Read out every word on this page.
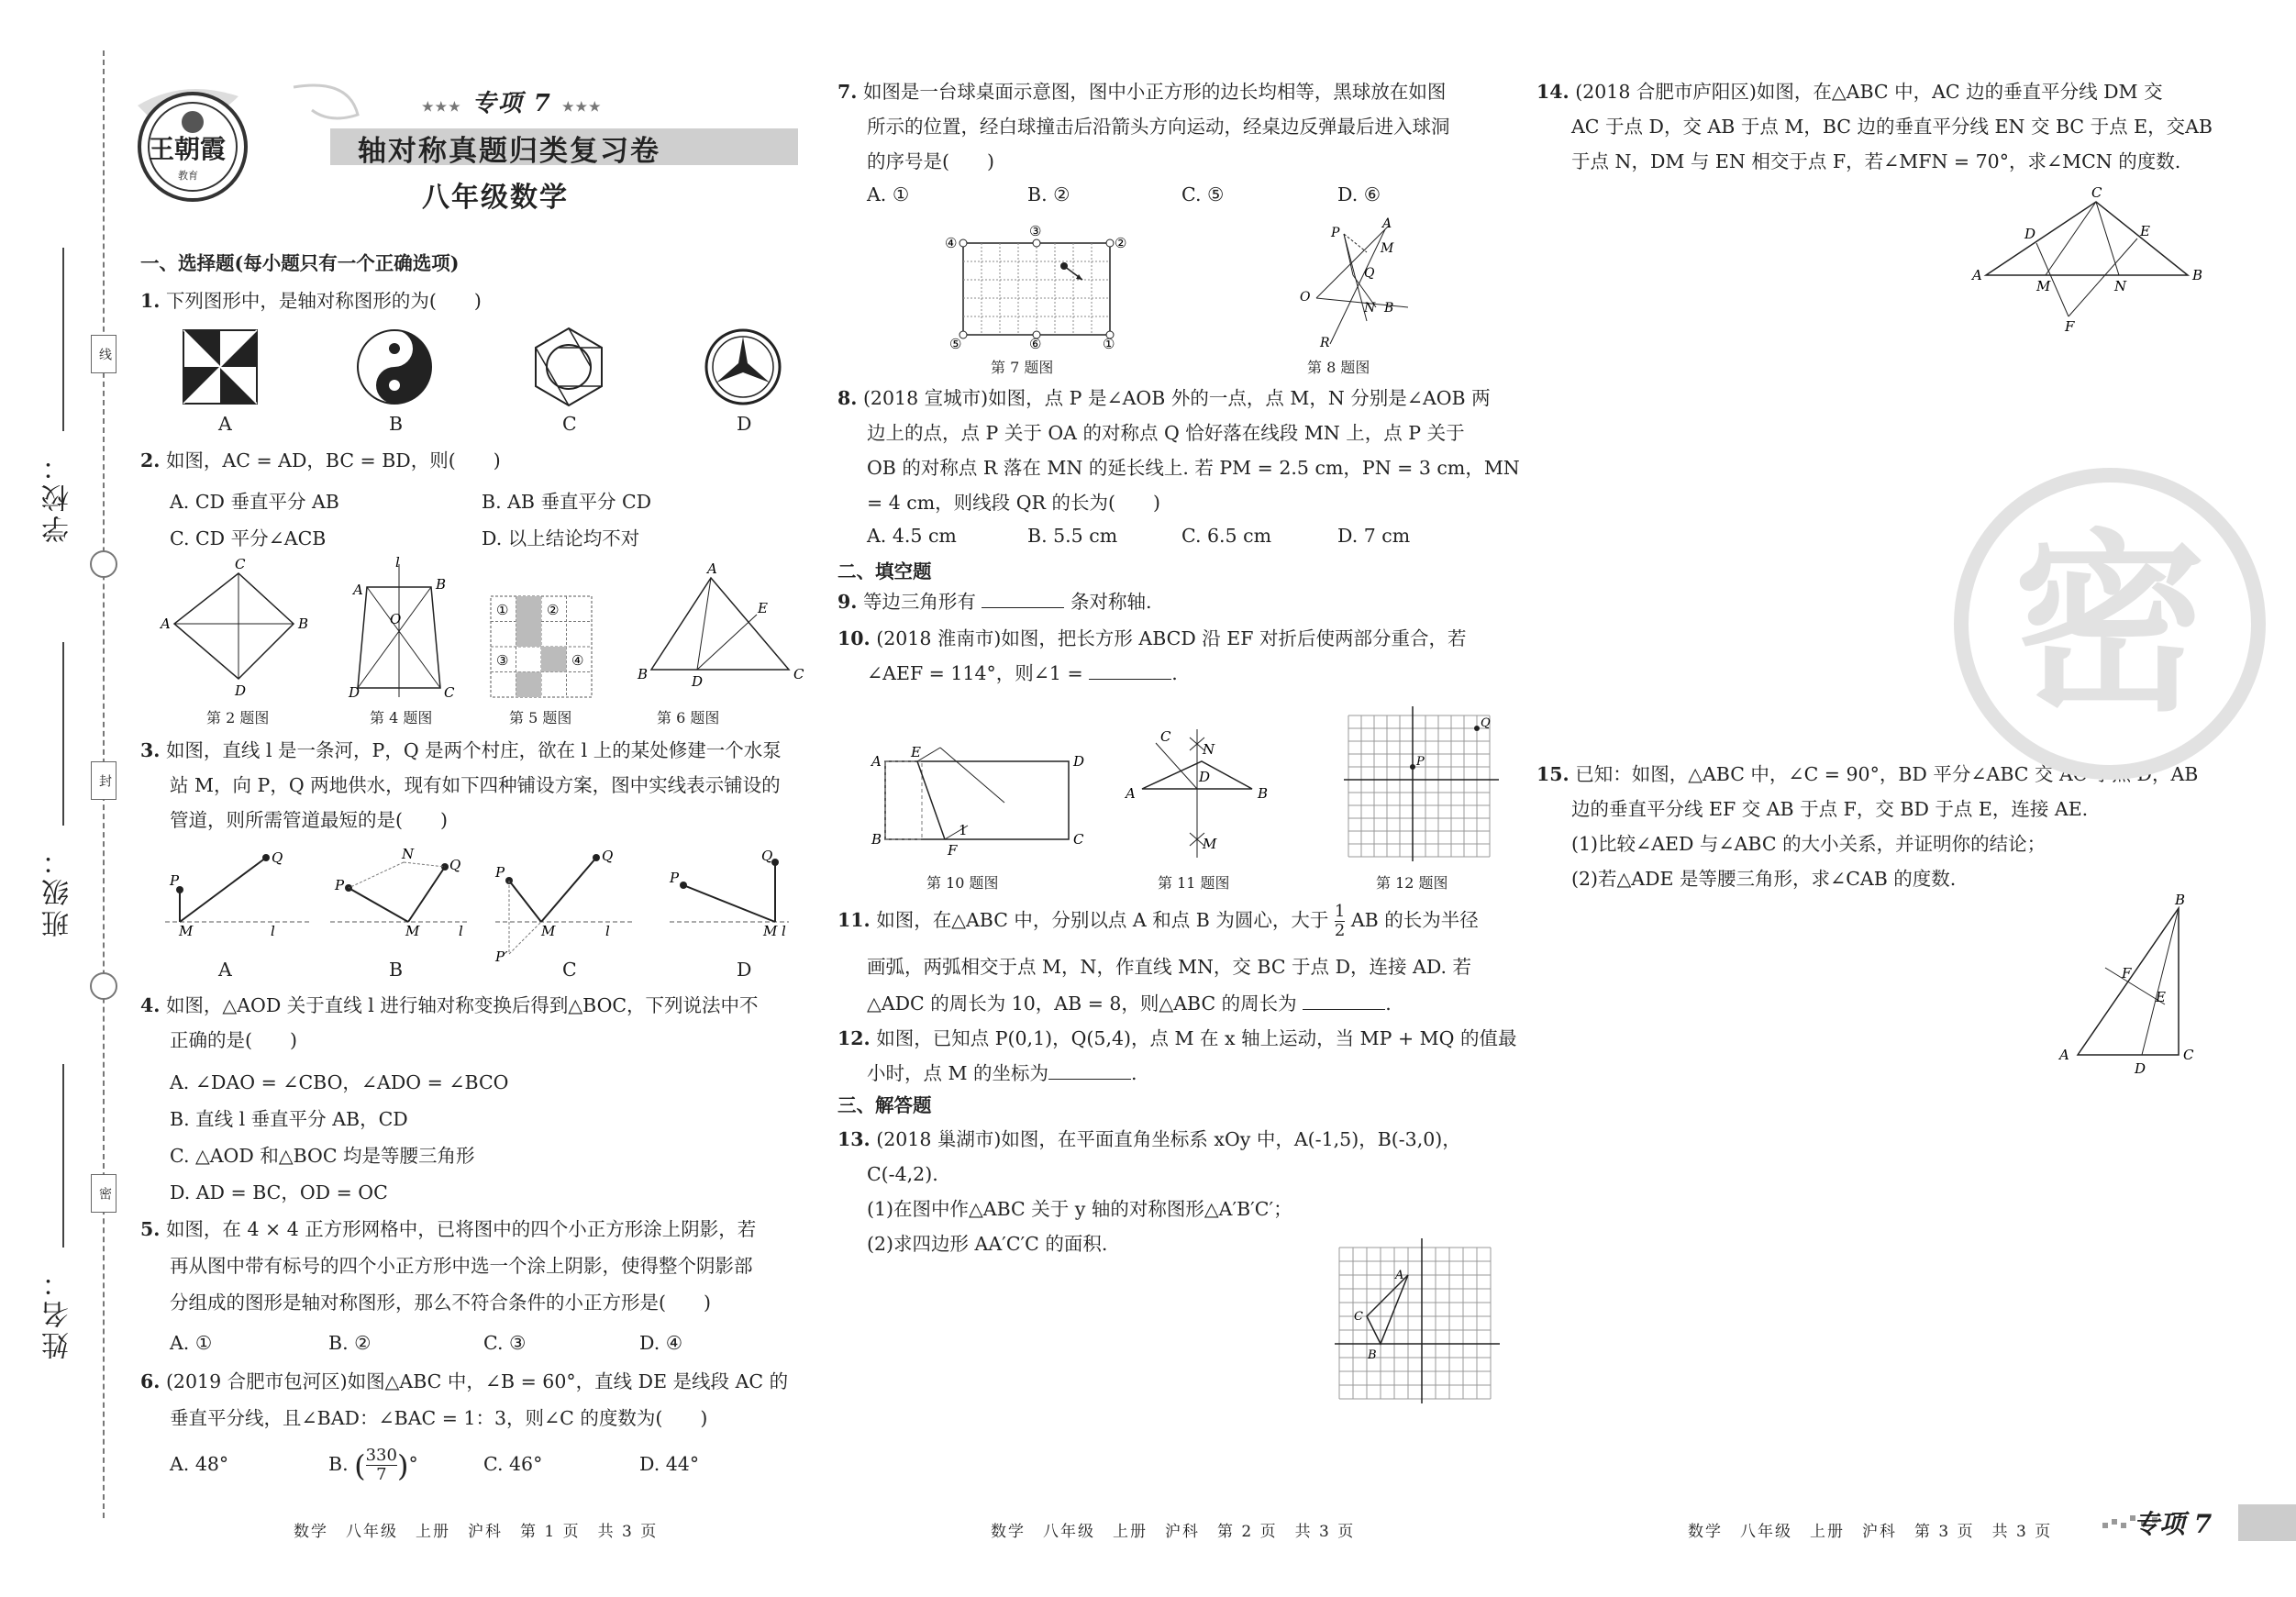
学校：
班级：
姓名：
线
封
密
王朝霞
教育
★★★ 专项 7 ★★★
轴对称真题归类复习卷
八年级数学
一、选择题(每小题只有一个正确选项)
1. 下列图形中，是轴对称图形的为(　　)
A	B	C	D
2. 如图，AC = AD，BC = BD，则(　　)
A. CD 垂直平分 AB	B. AB 垂直平分 CD
C. CD 平分∠ACB	D. 以上结论均不对
C
A	B
D
l
A	B
O
D	C
①	②
③	④
A
B	C
D
E
第 2 题图	第 4 题图	第 5 题图	第 6 题图
3. 如图，直线 l 是一条河，P，Q 是两个村庄，欲在 l 上的某处修建一个水泵
站 M，向 P，Q 两地供水，现有如下四种铺设方案，图中实线表示铺设的
管道，则所需管道最短的是(　　)
P
Q
M	l
P
Q
N
M	l
P
Q
M	l
P′
P
Q
M l
A	B	C	D
4. 如图，△AOD 关于直线 l 进行轴对称变换后得到△BOC，下列说法中不
正确的是(　　)
A. ∠DAO = ∠CBO，∠ADO = ∠BCO
B. 直线 l 垂直平分 AB，CD
C. △AOD 和△BOC 均是等腰三角形
D. AD = BC，OD = OC
5. 如图，在 4 × 4 正方形网格中，已将图中的四个小正方形涂上阴影，若
再从图中带有标号的四个小正方形中选一个涂上阴影，使得整个阴影部
分组成的图形是轴对称图形，那么不符合条件的小正方形是(　　)
A. ①	B. ②	C. ③	D. ④
6. (2019 合肥市包河区)如图△ABC 中，∠B = 60°，直线 DE 是线段 AC 的
垂直平分线，且∠BAD：∠BAC = 1：3，则∠C 的度数为(　　)
A. 48°	B. ( $\frac{330}{7}$ )°	C. 46°	D. 44°
7. 如图是一台球桌面示意图，图中小正方形的边长均相等，黑球放在如图
所示的位置，经白球撞击后沿箭头方向运动，经桌边反弹最后进入球洞
的序号是(　　)
A. ①	B. ②	C. ⑤	D. ⑥
④
③
②
⑤	⑥	①
P
A
M
Q
O
N B
R
第 7 题图	第 8 题图
8. (2018 宣城市)如图，点 P 是∠AOB 外的一点，点 M，N 分别是∠AOB 两
边上的点，点 P 关于 OA 的对称点 Q 恰好落在线段 MN 上，点 P 关于
OB 的对称点 R 落在 MN 的延长线上. 若 PM = 2.5 cm，PN = 3 cm，MN
= 4 cm，则线段 QR 的长为(　　)
A. 4.5 cm	B. 5.5 cm	C. 6.5 cm	D. 7 cm
二、填空题
9. 等边三角形有	条对称轴.
10. (2018 淮南市)如图，把长方形 ABCD 沿 EF 对折后使两部分重合，若
∠AEF = 114°，则∠1 =	.
A
E
D
B
F
1
C
C
N
A	B
D
M
P
Q
第 10 题图	第 11 题图	第 12 题图
11. 如图，在△ABC 中，分别以点 A 和点 B 为圆心，大于 $\frac{1}{2}$ AB 的长为半径
画弧，两弧相交于点 M，N，作直线 MN，交 BC 于点 D，连接 AD. 若
△ADC 的周长为 10，AB = 8，则△ABC 的周长为	.
12. 如图，已知点 P(0,1)，Q(5,4)，点 M 在 x 轴上运动，当 MP + MQ 的值最
小时，点 M 的坐标为	.
三、解答题
13. (2018 巢湖市)如图，在平面直角坐标系 xOy 中，A(-1,5)，B(-3,0)，
C(-4,2).
(1)在图中作△ABC 关于 y 轴的对称图形△A′B′C′；
(2)求四边形 AA′C′C 的面积.
A
B
C
14. (2018 合肥市庐阳区)如图，在△ABC 中，AC 边的垂直平分线 DM 交
AC 于点 D，交 AB 于点 M，BC 边的垂直平分线 EN 交 BC 于点 E，交AB
于点 N，DM 与 EN 相交于点 F，若∠MFN = 70°，求∠MCN 的度数.
C
A	B
D	E
M	N
F
15. 已知：如图，△ABC 中，∠C = 90°，BD 平分∠ABC 交 AC 于点 D，AB
边的垂直平分线 EF 交 AB 于点 F，交 BD 于点 E，连接 AE.
(1)比较∠AED 与∠ABC 的大小关系，并证明你的结论；
(2)若△ADE 是等腰三角形，求∠CAB 的度数.
B
A	C
D
F
E
密
数学　八年级　上册　沪科　第 1 页　共 3 页	数学　八年级　上册　沪科　第 2 页　共 3 页	数学　八年级　上册　沪科　第 3 页　共 3 页	专项 7
